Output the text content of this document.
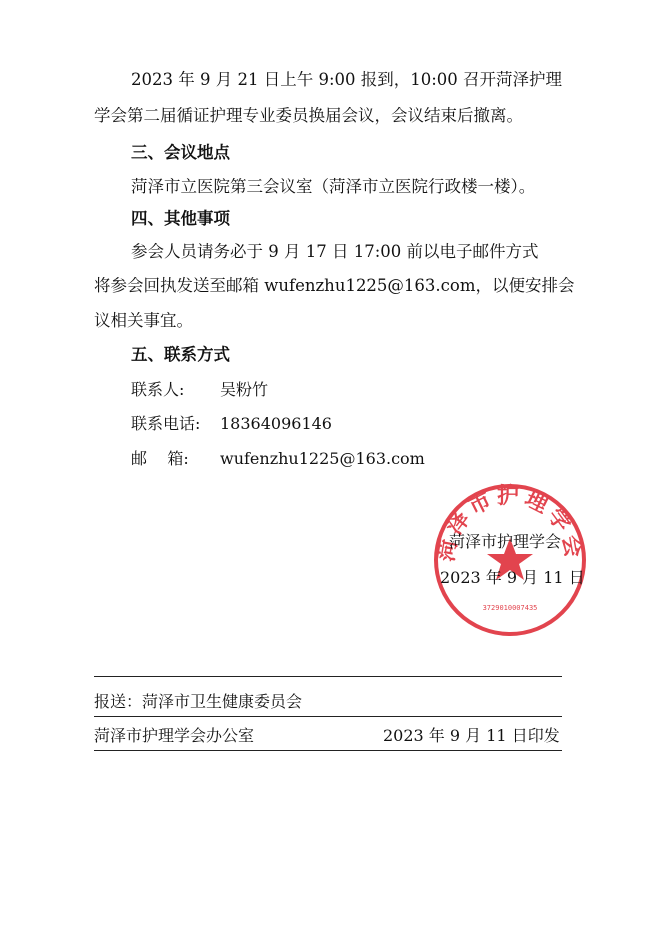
2023 年 9 月 21 日上午 9:00 报到，10:00 召开菏泽护理
学会第二届循证护理专业委员换届会议，会议结束后撤离。
三、会议地点
菏泽市立医院第三会议室（菏泽市立医院行政楼一楼）。
四、其他事项
参会人员请务必于 9 月 17 日 17:00 前以电子邮件方式
将参会回执发送至邮箱 wufenzhu1225@163.com，以便安排会
议相关事宜。
五、联系方式
联系人: 吴粉竹
联系电话: 18364096146
邮    箱: wufenzhu1225@163.com
菏泽市护理学会
3729010007435
菏泽市护理学会
2023 年 9 月 11 日
报送：菏泽市卫生健康委员会
菏泽市护理学会办公室	2023 年 9 月 11 日印发
